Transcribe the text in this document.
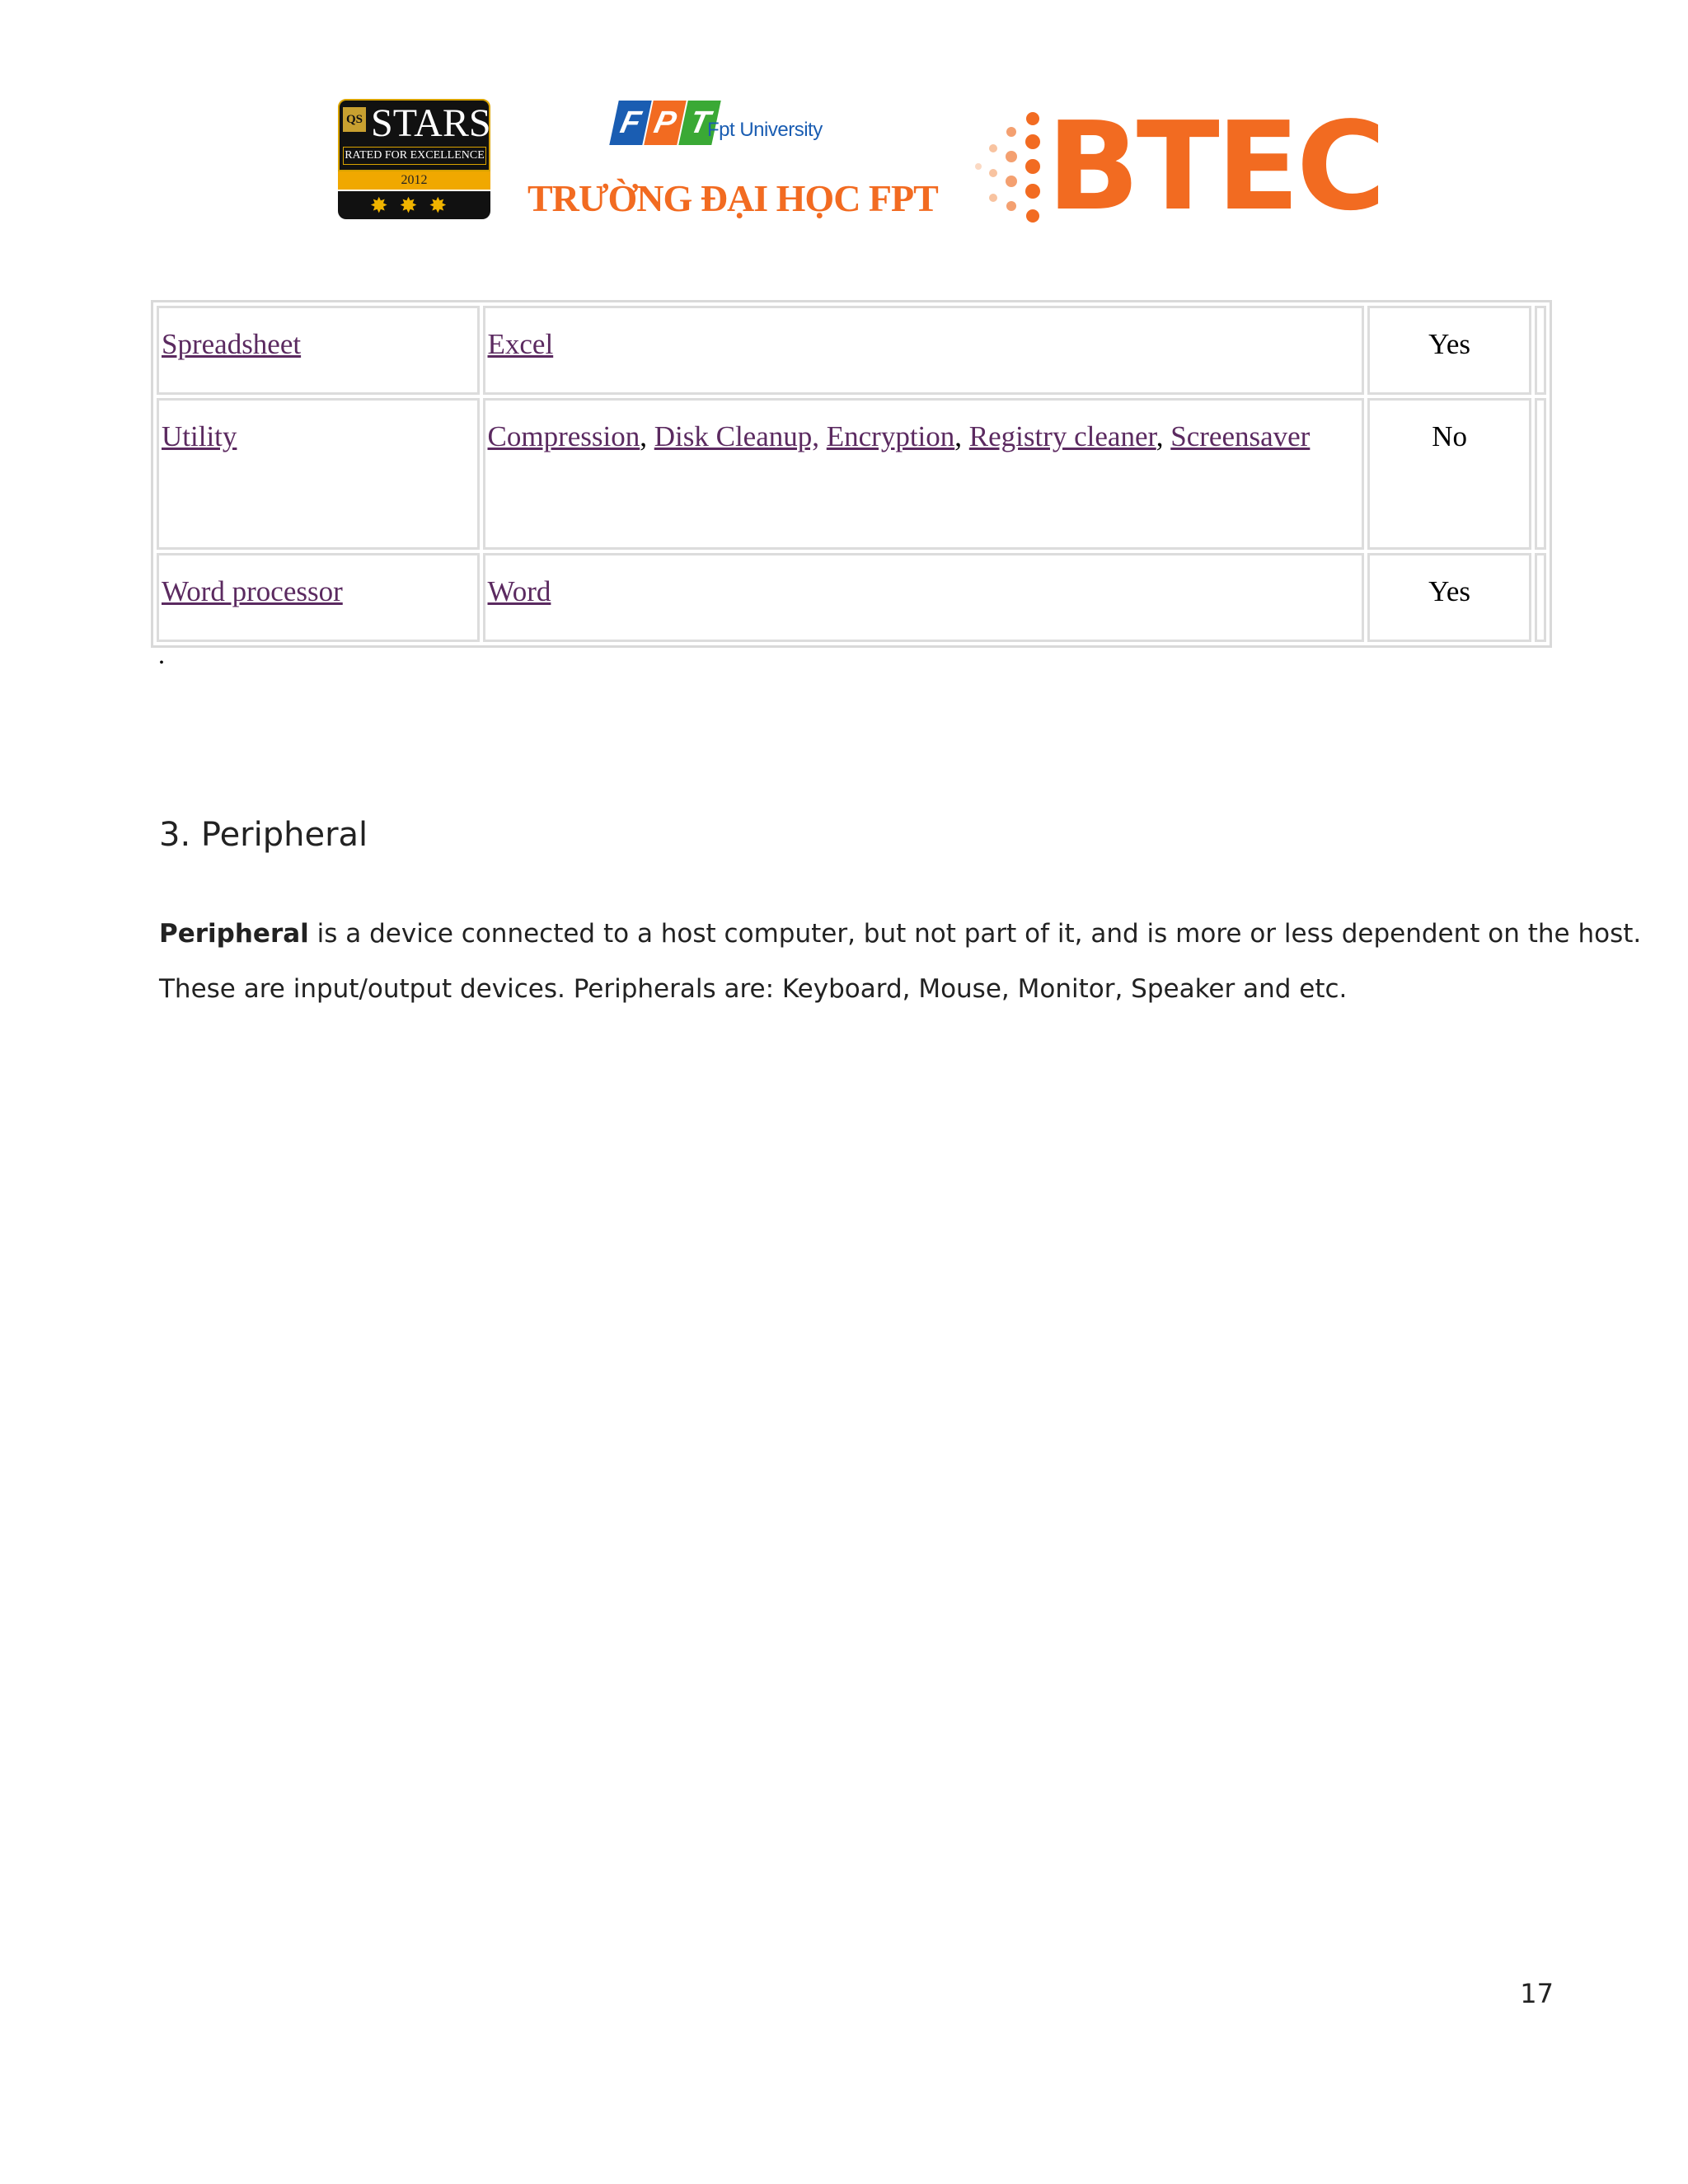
QS STARS
RATED FOR EXCELLENCE
2012
✸✸✸
F P T
Fpt University
TRƯỜNG ĐẠI HỌC FPT BTEC
Spreadsheet	Excel	Yes	
Utility	Compression, Disk Cleanup, Encryption, Registry cleaner, Screensaver	No	
Word processor	Word	Yes	
.
3. Peripheral

Peripheral is a device connected to a host computer, but not part of it, and is more or less dependent on the host.
These are input/output devices. Peripherals are: Keyboard, Mouse, Monitor, Speaker and etc.

17
